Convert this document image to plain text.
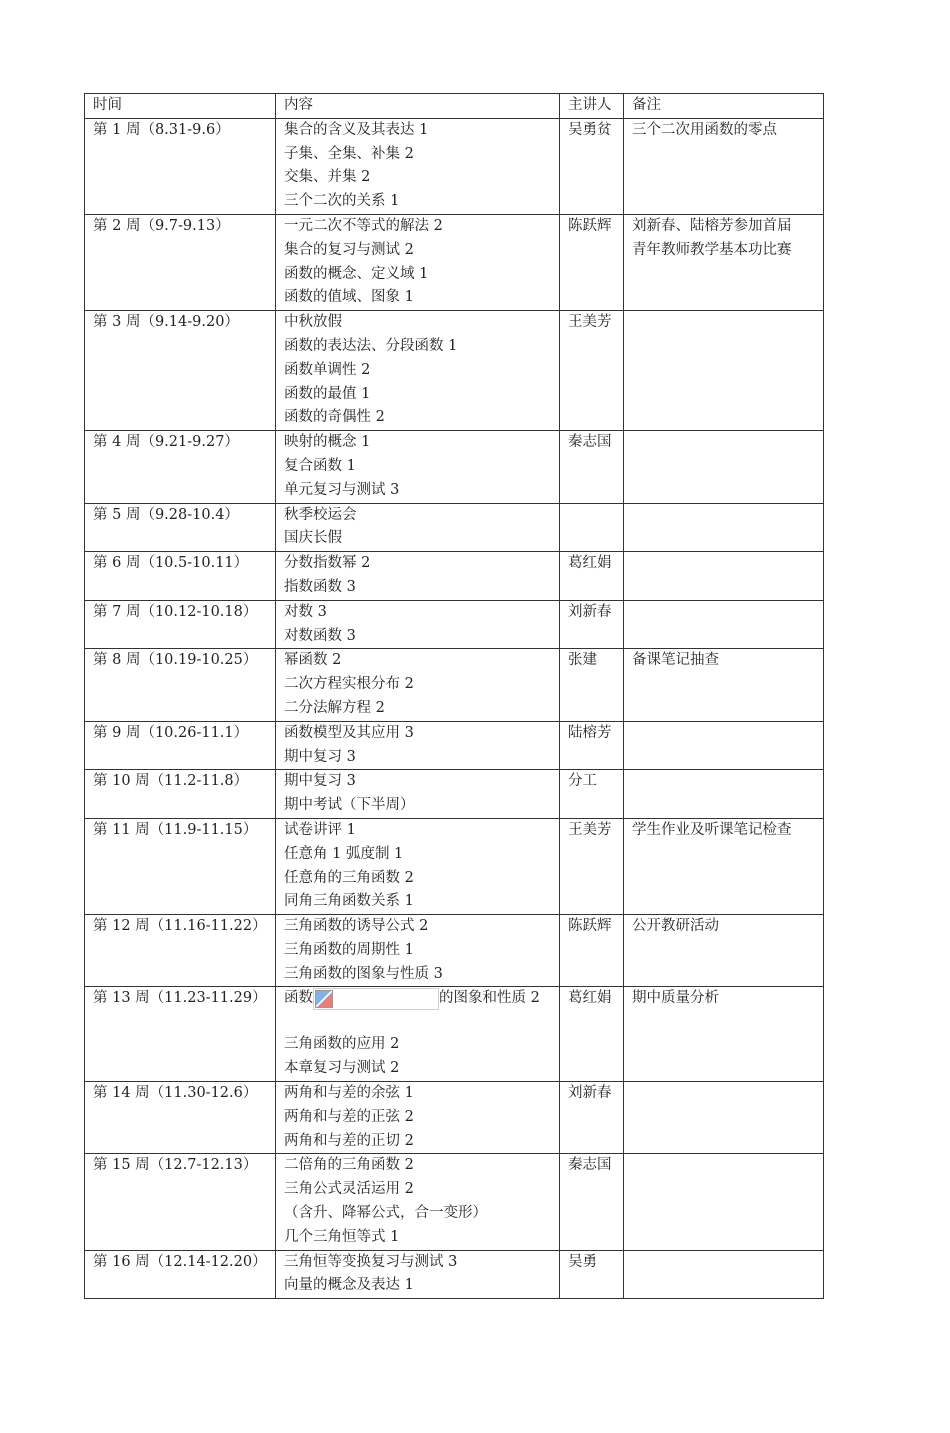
时间	内容	主讲人	备注
第 1 周（8.31-9.6）	集合的含义及其表达 1
子集、全集、补集 2
交集、并集 2
三个二次的关系 1	吴勇贫	三个二次用函数的零点

第 2 周（9.7-9.13）	一元二次不等式的解法 2
集合的复习与测试 2
函数的概念、定义域 1
函数的值域、图象 1	陈跃辉	刘新春、陆榕芳参加首届
青年教师教学基本功比赛

第 3 周（9.14-9.20）	中秋放假
函数的表达法、分段函数 1
函数单调性 2
函数的最值 1
函数的奇偶性 2	王美芳	

第 4 周（9.21-9.27）	映射的概念 1
复合函数 1
单元复习与测试 3	秦志国	

第 5 周（9.28-10.4）	秋季校运会
国庆长假		

第 6 周（10.5-10.11）	分数指数幂 2
指数函数 3	葛红娟	

第 7 周（10.12-10.18）	对数 3
对数函数 3	刘新春	

第 8 周（10.19-10.25）	幂函数 2
二次方程实根分布 2
二分法解方程 2	张建	备课笔记抽查

第 9 周（10.26-11.1）	函数模型及其应用 3
期中复习 3	陆榕芳	

第 10 周（11.2-11.8）	期中复习 3
期中考试（下半周）	分工	

第 11 周（11.9-11.15）	试卷讲评 1
任意角 1 弧度制 1
任意角的三角函数 2
同角三角函数关系 1	王美芳	学生作业及听课笔记检查

第 12 周（11.16-11.22）	三角函数的诱导公式 2
三角函数的周期性 1
三角函数的图象与性质 3	陈跃辉	公开教研活动

第 13 周（11.23-11.29）	函数 的图象和性质 2
三角函数的应用 2
本章复习与测试 2	葛红娟	期中质量分析

第 14 周（11.30-12.6）	两角和与差的余弦 1
两角和与差的正弦 2
两角和与差的正切 2	刘新春	

第 15 周（12.7-12.13）	二倍角的三角函数 2
三角公式灵活运用 2
（含升、降幂公式，合一变形）
几个三角恒等式 1	秦志国	

第 16 周（12.14-12.20）	三角恒等变换复习与测试 3
向量的概念及表达 1	吴勇	
